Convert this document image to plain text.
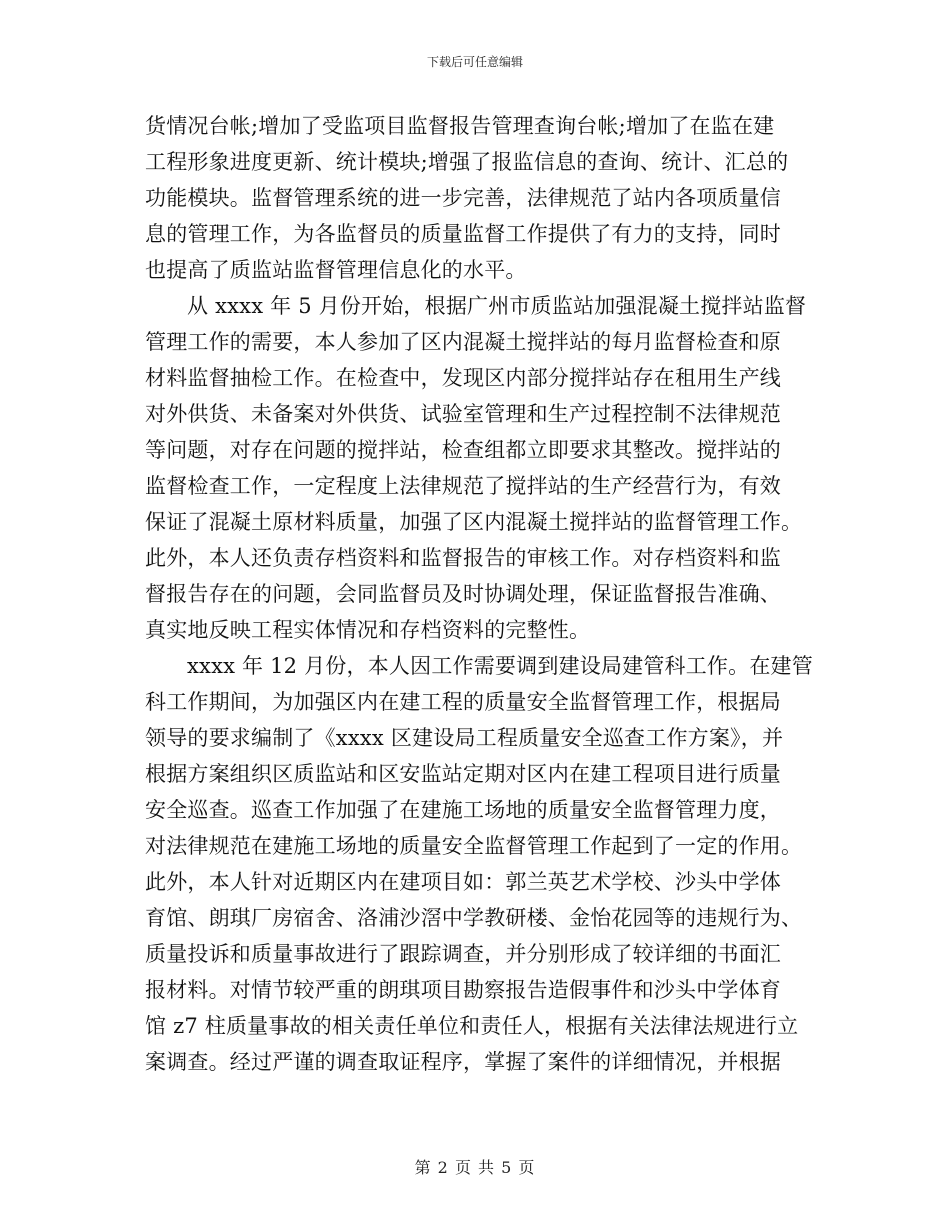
下载后可任意编辑
货情况台帐;增加了受监项目监督报告管理查询台帐;增加了在监在建
工程形象进度更新、统计模块;增强了报监信息的查询、统计、汇总的
功能模块。监督管理系统的进一步完善，法律规范了站内各项质量信
息的管理工作，为各监督员的质量监督工作提供了有力的支持，同时
也提高了质监站监督管理信息化的水平。
从 xxxx 年 5 月份开始，根据广州市质监站加强混凝土搅拌站监督
管理工作的需要，本人参加了区内混凝土搅拌站的每月监督检查和原
材料监督抽检工作。在检查中，发现区内部分搅拌站存在租用生产线
对外供货、未备案对外供货、试验室管理和生产过程控制不法律规范
等问题，对存在问题的搅拌站，检查组都立即要求其整改。搅拌站的
监督检查工作，一定程度上法律规范了搅拌站的生产经营行为，有效
保证了混凝土原材料质量，加强了区内混凝土搅拌站的监督管理工作。
此外，本人还负责存档资料和监督报告的审核工作。对存档资料和监
督报告存在的问题，会同监督员及时协调处理，保证监督报告准确、
真实地反映工程实体情况和存档资料的完整性。
xxxx 年 12 月份，本人因工作需要调到建设局建管科工作。在建管
科工作期间，为加强区内在建工程的质量安全监督管理工作，根据局
领导的要求编制了《xxxx 区建设局工程质量安全巡查工作方案》，并
根据方案组织区质监站和区安监站定期对区内在建工程项目进行质量
安全巡查。巡查工作加强了在建施工场地的质量安全监督管理力度，
对法律规范在建施工场地的质量安全监督管理工作起到了一定的作用。
此外，本人针对近期区内在建项目如：郭兰英艺术学校、沙头中学体
育馆、朗琪厂房宿舍、洛浦沙滘中学教研楼、金怡花园等的违规行为、
质量投诉和质量事故进行了跟踪调查，并分别形成了较详细的书面汇
报材料。对情节较严重的朗琪项目勘察报告造假事件和沙头中学体育
馆 z7 柱质量事故的相关责任单位和责任人，根据有关法律法规进行立
案调查。经过严谨的调查取证程序，掌握了案件的详细情况，并根据
第 2 页 共 5 页
